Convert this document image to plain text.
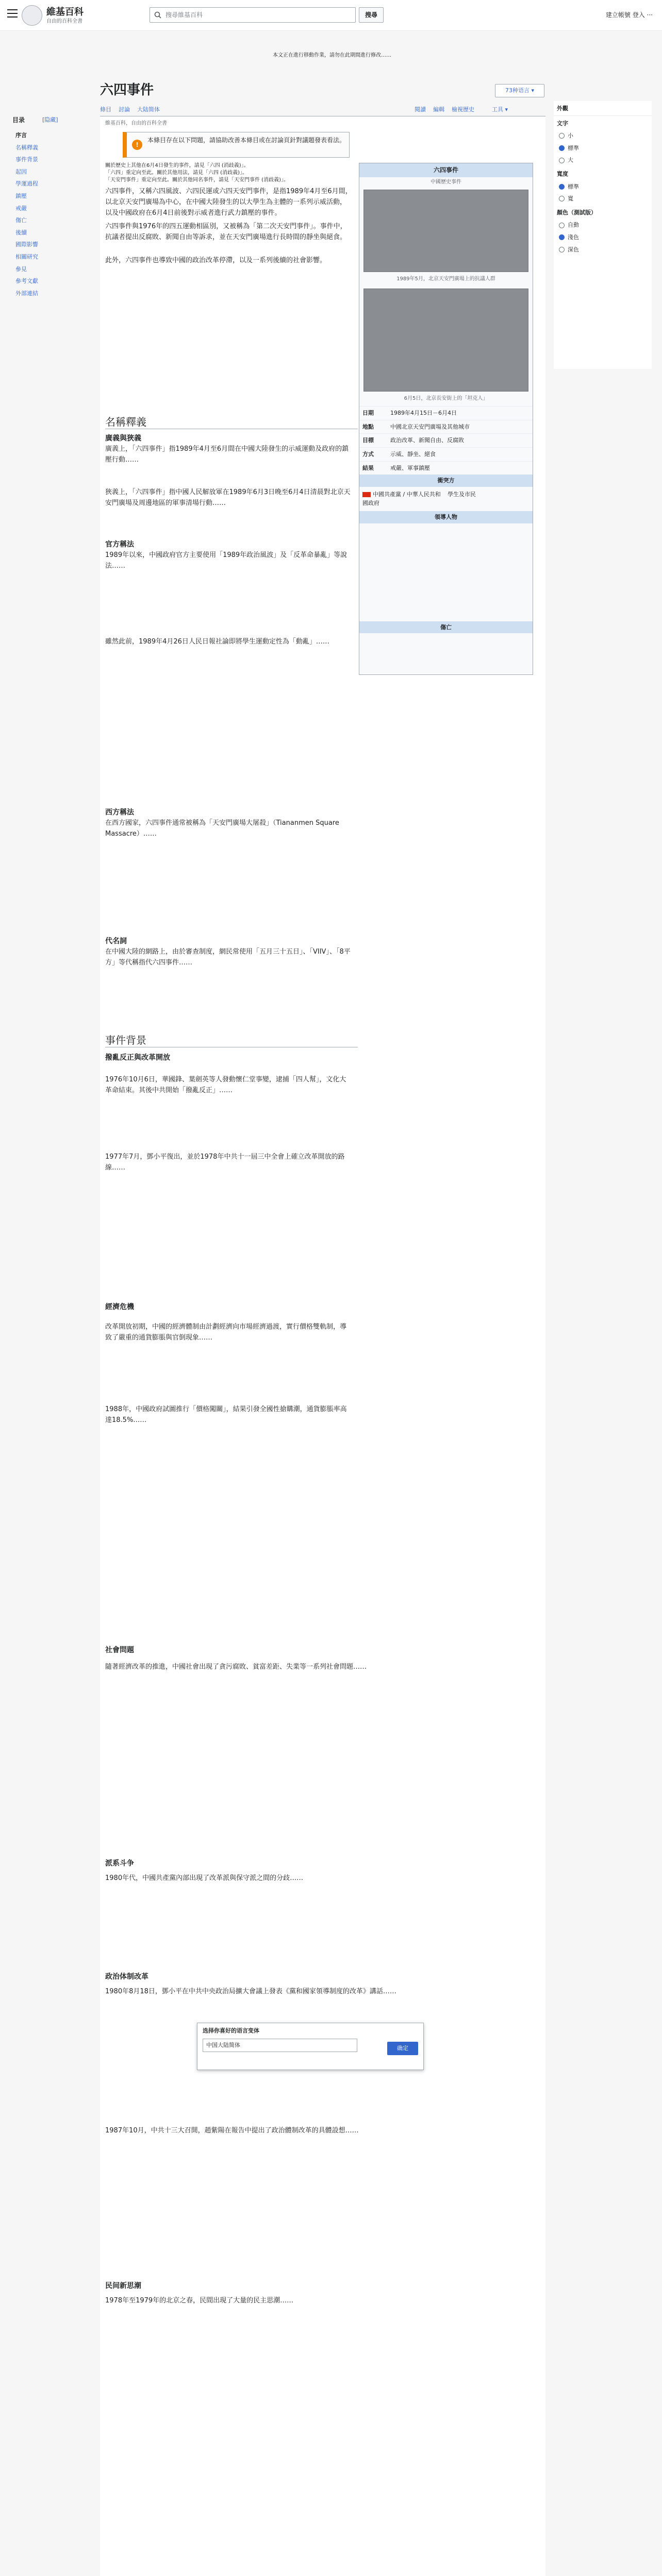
維基百科
自由的百科全書
搜尋維基百科	搜尋	建立帳號 登入 ···
本文正在進行移動作業，請勿在此期間進行修改……
目录	[隐藏]
序言
名稱釋義
事件背景
起因
學運過程
鎮壓
戒嚴
傷亡
後續
國際影響
相關研究
參見
參考文獻
外部連結
六四事件	73种语言 ▾
條目 討論 大陆简体	閱讀 編輯 檢視歷史	工具 ▾
維基百科，自由的百科全書
!
本條目存在以下問題，請協助改善本條目或在討論頁針對議題發表看法。
關於歷史上其他在6月4日發生的事件，請見「六四 (消歧義)」。
「六四」重定向至此。關於其他用法，請見「六四 (消歧義)」。
「天安門事件」重定向至此。關於其他同名事件，請見「天安門事件 (消歧義)」。
六四事件，又稱六四風波、六四民運或六四天安門事件，是指1989年4月至6月間，以北京天安門廣場為中心，在中國大陸發生的以大學生為主體的一系列示威活動，以及中國政府在6月4日前後對示威者進行武力鎮壓的事件。
六四事件與1976年的四五運動相區別，又被稱為「第二次天安門事件」。事件中，抗議者提出反腐敗、新聞自由等訴求，並在天安門廣場進行長時間的靜坐與絕食。
此外，六四事件也導致中國的政治改革停滯，以及一系列後續的社會影響。
名稱釋義
廣義與狹義
廣義上，「六四事件」指1989年4月至6月間在中國大陸發生的示威運動及政府的鎮壓行動……
狹義上，「六四事件」指中國人民解放軍在1989年6月3日晚至6月4日清晨對北京天安門廣場及周邊地區的軍事清場行動……
官方稱法
1989年以來，中國政府官方主要使用「1989年政治風波」及「反革命暴亂」等說法……
雖然此前，1989年4月26日人民日報社論即將學生運動定性為「動亂」……
西方稱法
在西方國家，六四事件通常被稱為「天安門廣場大屠殺」（Tiananmen Square Massacre）……
代名詞
在中國大陸的網路上，由於審查制度，網民常使用「五月三十五日」、「VIIV」、「8平方」等代稱指代六四事件……
事件背景
撥亂反正與改革開放
1976年10月6日，華國鋒、葉劍英等人發動懷仁堂事變，逮捕「四人幫」，文化大革命結束。其後中共開始「撥亂反正」……
1977年7月，鄧小平復出，並於1978年中共十一屆三中全會上確立改革開放的路線……
經濟危機
改革開放初期，中國的經濟體制由計劃經濟向市場經濟過渡，實行價格雙軌制，導致了嚴重的通貨膨脹與官倒現象……
1988年，中國政府試圖推行「價格闖關」，結果引發全國性搶購潮，通貨膨脹率高達18.5%……
社會問題
隨著經濟改革的推進，中國社會出現了貪污腐敗、貧富差距、失業等一系列社會問題……
派系斗争
1980年代，中國共產黨內部出現了改革派與保守派之間的分歧……
政治体制改革
1980年8月18日，鄧小平在中共中央政治局擴大會議上發表《黨和國家領導制度的改革》講話……
1987年10月，中共十三大召開，趙紫陽在報告中提出了政治體制改革的具體設想……
民间新思潮
1978年至1979年的北京之春，民間出現了大量的民主思潮……
六四事件
中國歷史事件
1989年5月，北京天安門廣場上的抗議人群
6月5日，北京長安街上的「坦克人」
日期	1989年4月15日－6月4日
地點	中國北京天安門廣場及其他城市
目標	政治改革、新聞自由、反腐敗
方式	示威、靜坐、絕食
結果	戒嚴、軍事鎮壓
衝突方
中國共產黨 / 中華人民共和國政府
學生及市民
領導人物
傷亡
选择你喜好的语言变体
中国大陆简体	确定
外觀
文字
小
標準
大
寬度
標準
寬
顏色（測試版）
自動
淺色
深色
